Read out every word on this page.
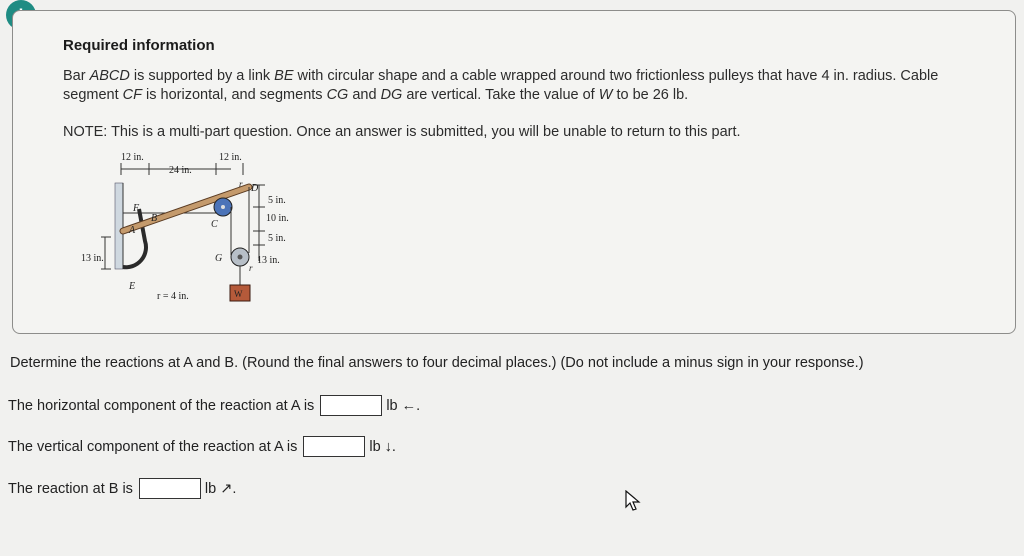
Required information
Bar ABCD is supported by a link BE with circular shape and a cable wrapped around two frictionless pulleys that have 4 in. radius. Cable segment CF is horizontal, and segments CG and DG are vertical. Take the value of W to be 26 lb.
NOTE: This is a multi-part question. Once an answer is submitted, you will be unable to return to this part.
12 in.	12 in.
24 in.
W
5 in.
10 in.
5 in.
13 in.
13 in.
F
A
B
C
D
r
G
r
E
r = 4 in.
Determine the reactions at A and B. (Round the final answers to four decimal places.) (Do not include a minus sign in your response.)
The horizontal component of the reaction at A is	lb ←.
The vertical component of the reaction at A is	lb ↓.
The reaction at B is	lb ↗.
